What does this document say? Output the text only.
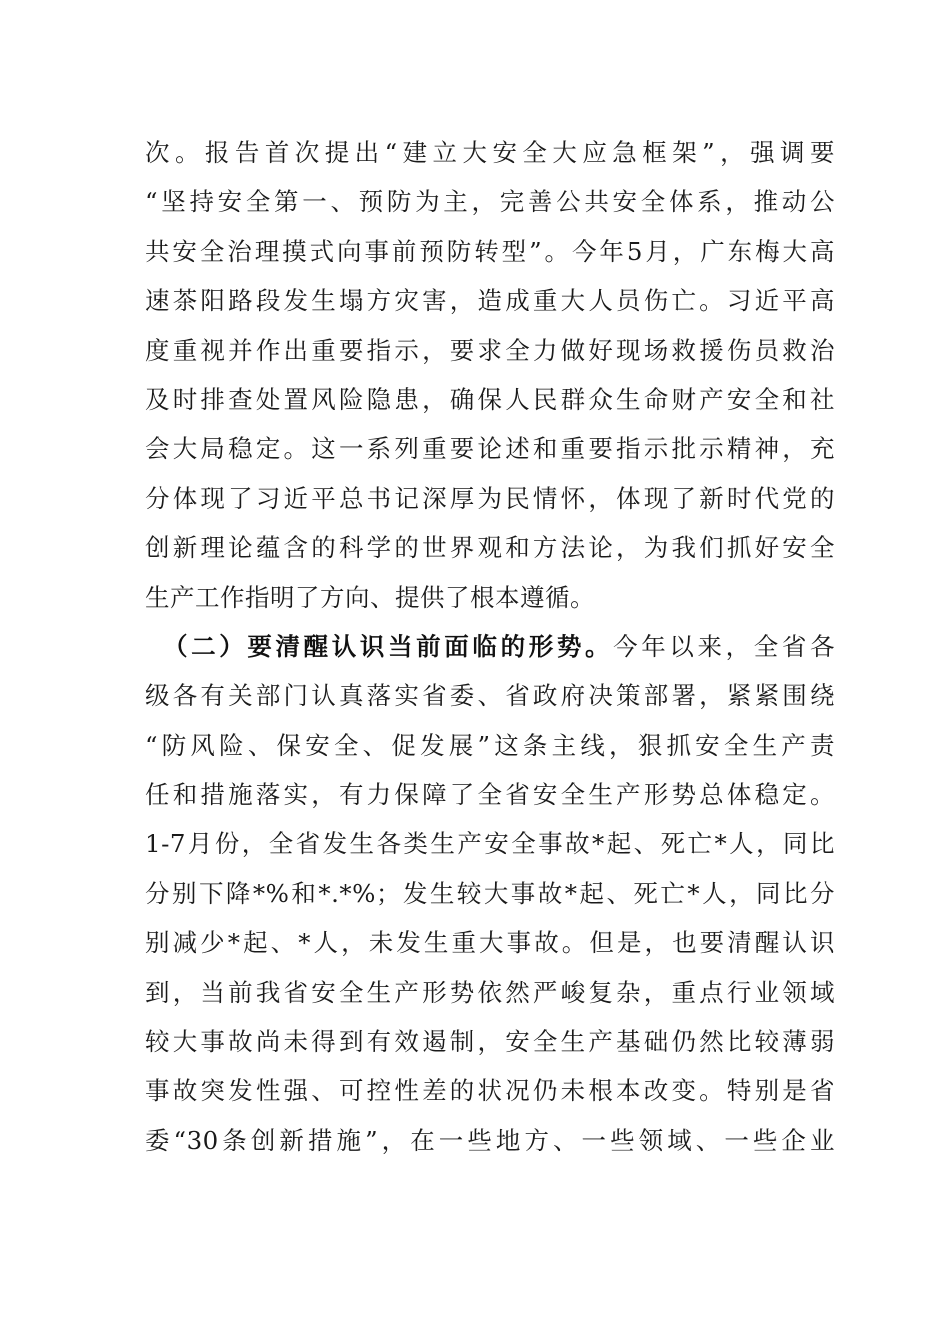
次。报告首次提出“建立大安全大应急框架”，强调要
“坚持安全第一、预防为主，完善公共安全体系，推动公
共安全治理摸式向事前预防转型”。今年5月，广东梅大高
速茶阳路段发生塌方灾害，造成重大人员伤亡。习近平高
度重视并作出重要指示，要求全力做好现场救援伤员救治
及时排查处置风险隐患，确保人民群众生命财产安全和社
会大局稳定。这一系列重要论述和重要指示批示精神，充
分体现了习近平总书记深厚为民情怀，体现了新时代党的
创新理论蕴含的科学的世界观和方法论，为我们抓好安全
生产工作指明了方向、提供了根本遵循。
（二）要清醒认识当前面临的形势。今年以来，全省各
级各有关部门认真落实省委、省政府决策部署，紧紧围绕
“防风险、保安全、促发展”这条主线，狠抓安全生产责
任和措施落实，有力保障了全省安全生产形势总体稳定。
1-7月份，全省发生各类生产安全事故*起、死亡*人，同比
分别下降*%和*.*%；发生较大事故*起、死亡*人，同比分
别减少*起、*人，未发生重大事故。但是，也要清醒认识
到，当前我省安全生产形势依然严峻复杂，重点行业领域
较大事故尚未得到有效遏制，安全生产基础仍然比较薄弱
事故突发性强、可控性差的状况仍未根本改变。特别是省
委“30条创新措施”，在一些地方、一些领域、一些企业
